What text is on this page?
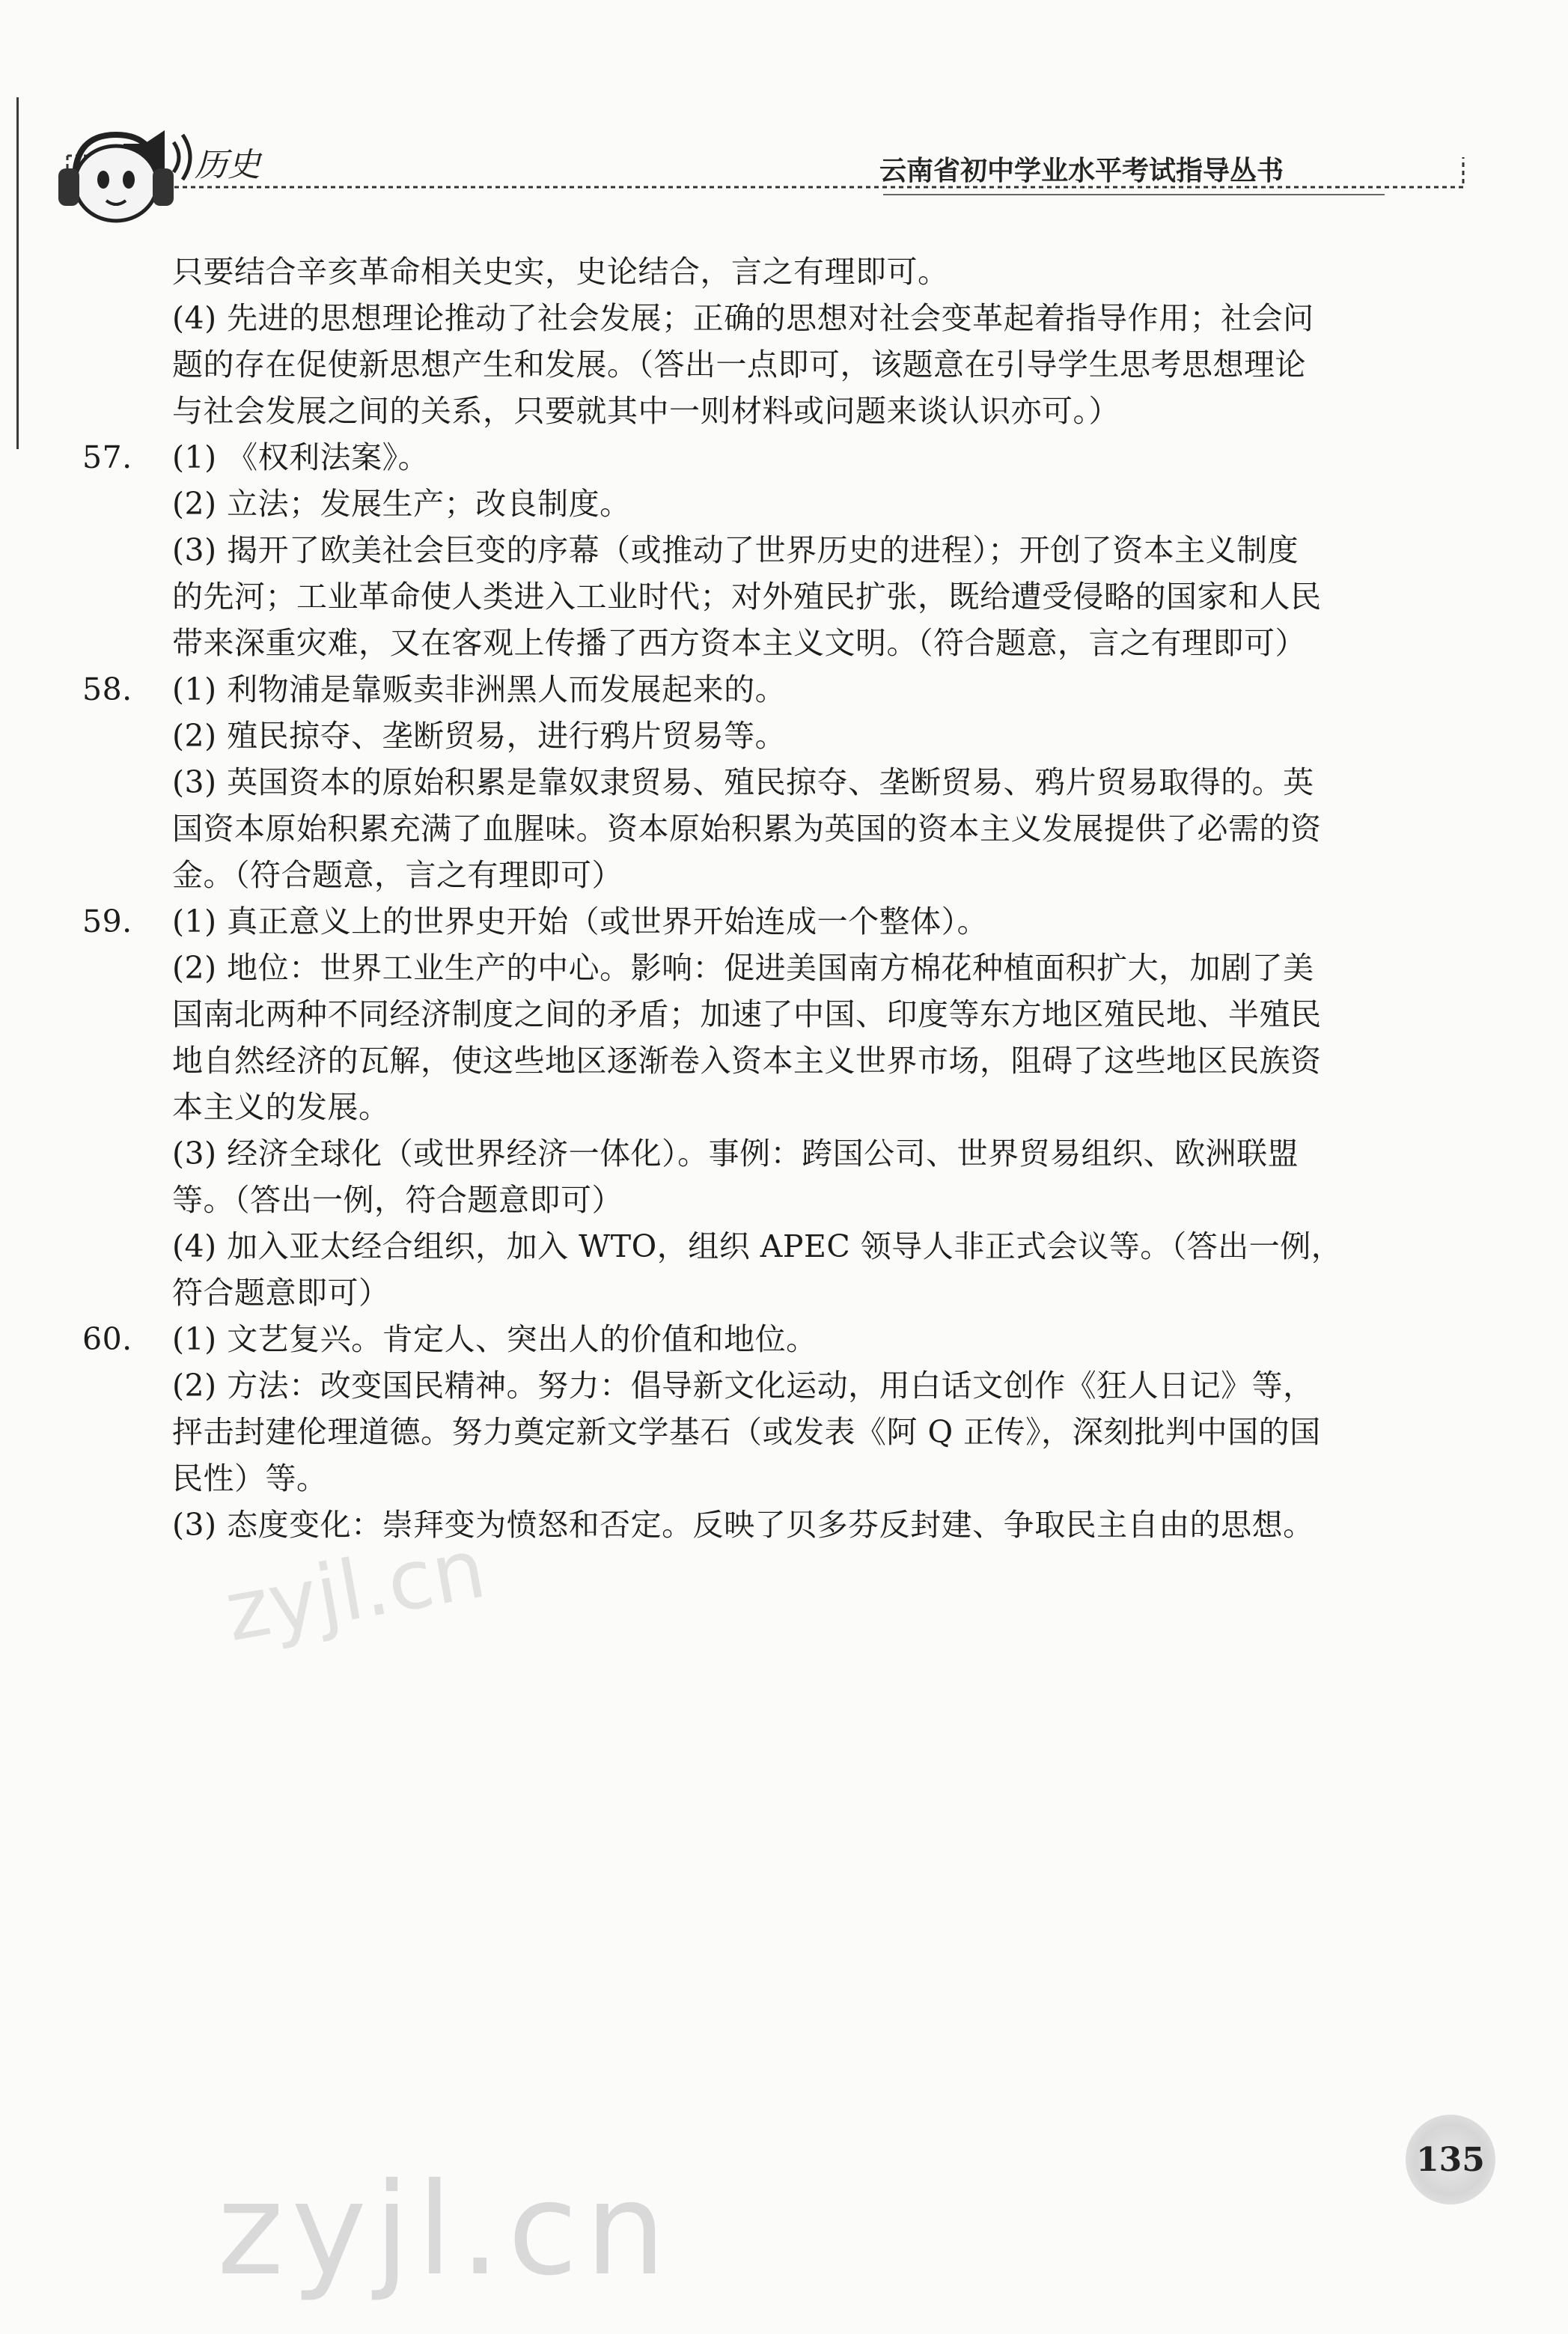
历史	云南省初中学业水平考试指导丛书
只要结合辛亥革命相关史实，史论结合，言之有理即可。
(4) 先进的思想理论推动了社会发展；正确的思想对社会变革起着指导作用；社会问
题的存在促使新思想产生和发展。（答出一点即可，该题意在引导学生思考思想理论
与社会发展之间的关系，只要就其中一则材料或问题来谈认识亦可。）
57. (1) 《权利法案》。
(2) 立法；发展生产；改良制度。
(3) 揭开了欧美社会巨变的序幕（或推动了世界历史的进程）；开创了资本主义制度
的先河；工业革命使人类进入工业时代；对外殖民扩张，既给遭受侵略的国家和人民
带来深重灾难，又在客观上传播了西方资本主义文明。（符合题意，言之有理即可）
58. (1) 利物浦是靠贩卖非洲黑人而发展起来的。
(2) 殖民掠夺、垄断贸易，进行鸦片贸易等。
(3) 英国资本的原始积累是靠奴隶贸易、殖民掠夺、垄断贸易、鸦片贸易取得的。英
国资本原始积累充满了血腥味。资本原始积累为英国的资本主义发展提供了必需的资
金。（符合题意，言之有理即可）
59. (1) 真正意义上的世界史开始（或世界开始连成一个整体）。
(2) 地位：世界工业生产的中心。影响：促进美国南方棉花种植面积扩大，加剧了美
国南北两种不同经济制度之间的矛盾；加速了中国、印度等东方地区殖民地、半殖民
地自然经济的瓦解，使这些地区逐渐卷入资本主义世界市场，阻碍了这些地区民族资
本主义的发展。
(3) 经济全球化（或世界经济一体化）。事例：跨国公司、世界贸易组织、欧洲联盟
等。（答出一例，符合题意即可）
(4) 加入亚太经合组织，加入 WTO，组织 APEC 领导人非正式会议等。（答出一例，
符合题意即可）
60. (1) 文艺复兴。肯定人、突出人的价值和地位。
(2) 方法：改变国民精神。努力：倡导新文化运动，用白话文创作《狂人日记》等，
抨击封建伦理道德。努力奠定新文学基石（或发表《阿 Q 正传》，深刻批判中国的国
民性）等。
(3) 态度变化：崇拜变为愤怒和否定。反映了贝多芬反封建、争取民主自由的思想。
zyjl.cn
135
zyjl.cn
